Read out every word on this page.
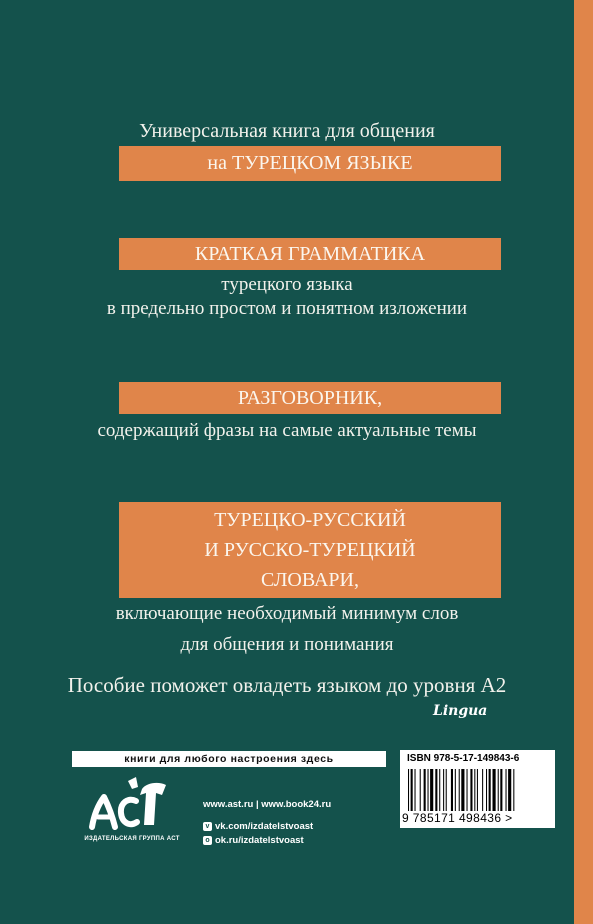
Универсальная книга для общения
на ТУРЕЦКОМ ЯЗЫКЕ
КРАТКАЯ ГРАММАТИКА
турецкого языка
в предельно простом и понятном изложении
РАЗГОВОРНИК,
содержащий фразы на самые актуальные темы
ТУРЕЦКО-РУССКИЙ
И РУССКО-ТУРЕЦКИЙ
СЛОВАРИ,
включающие необходимый минимум слов
для общения и понимания
Пособие поможет овладеть языком до уровня А2
Lingua
книги для любого настроения здесь
ИЗДАТЕЛЬСКАЯ ГРУППА АСТ
www.ast.ru | www.book24.ru
v vk.com/izdatelstvoast
o ok.ru/izdatelstvoast
ISBN 978-5-17-149843-6
9 785171 498436 >
